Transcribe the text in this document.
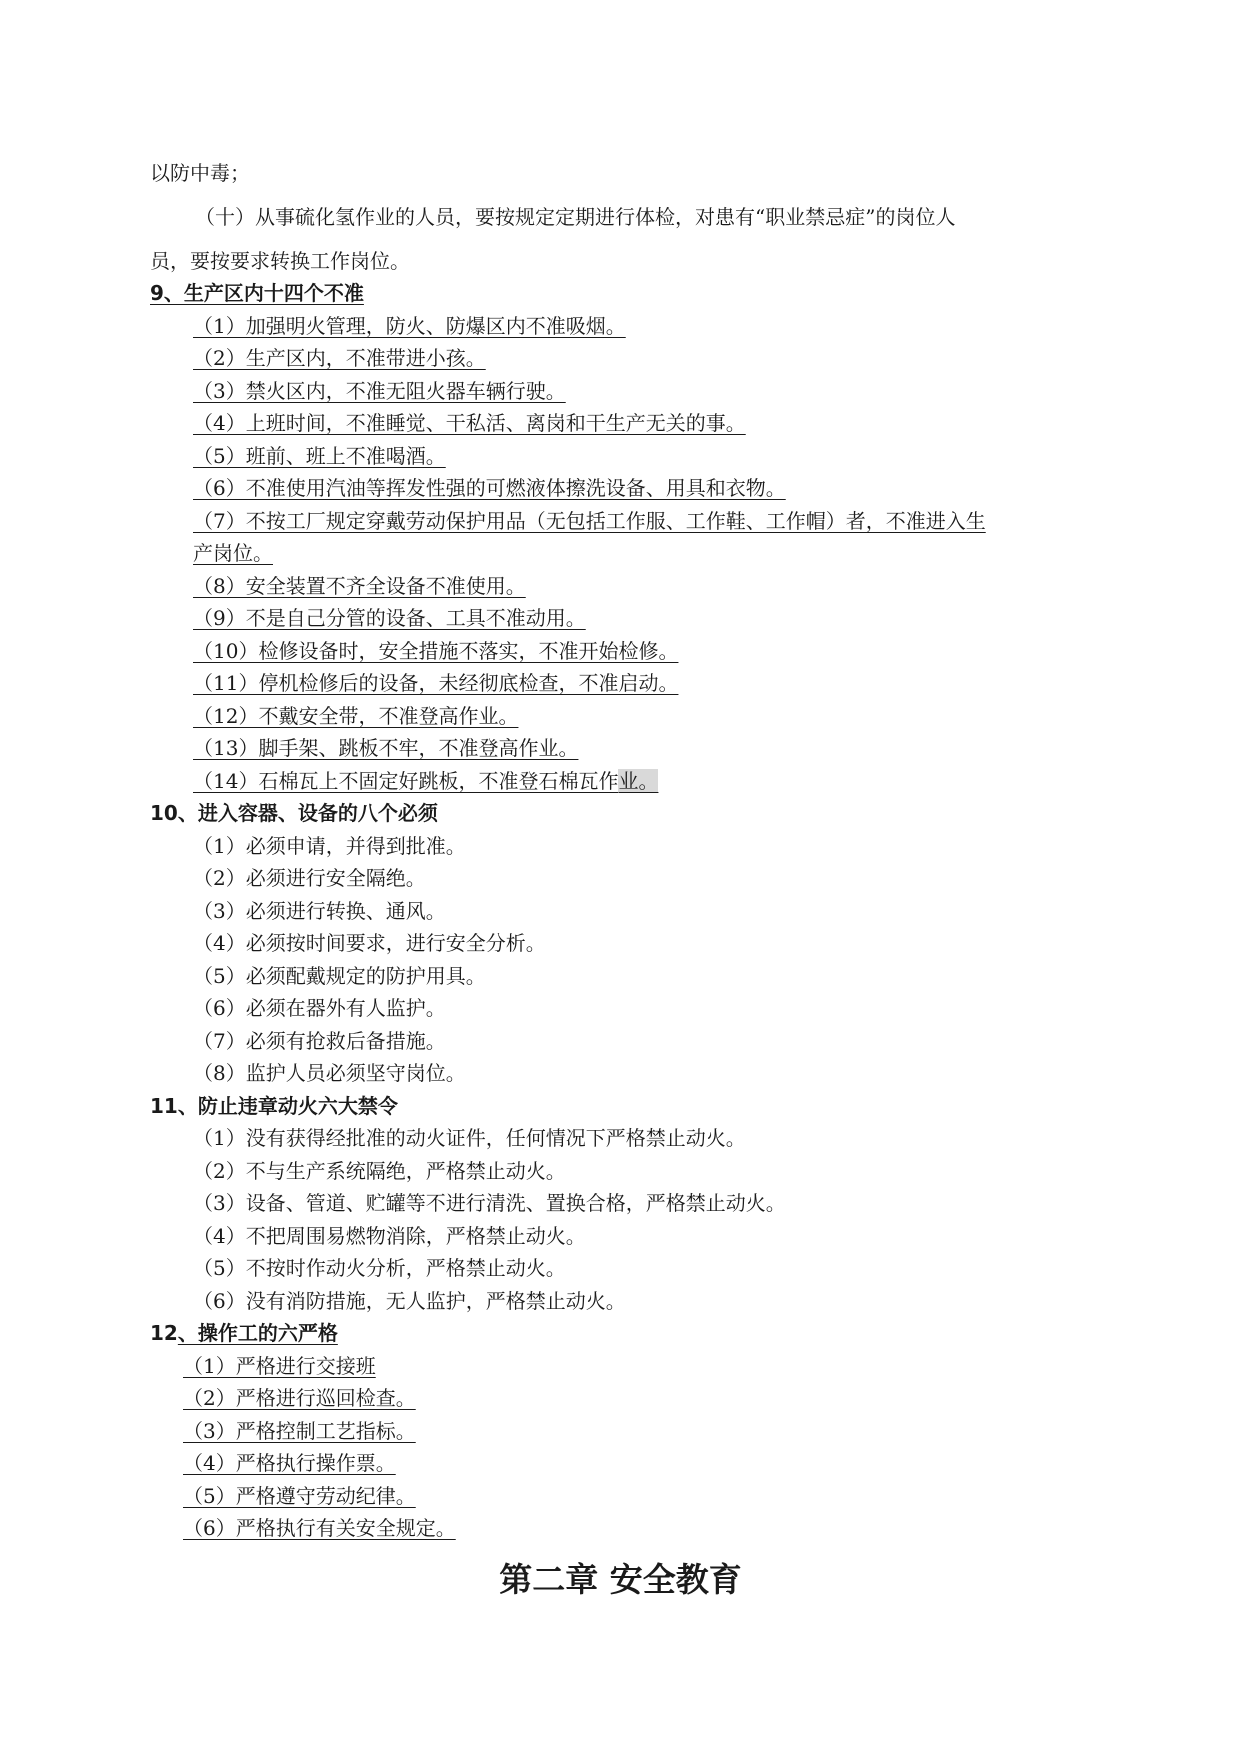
以防中毒；
（十）从事硫化氢作业的人员，要按规定定期进行体检，对患有“职业禁忌症”的岗位人
员，要按要求转换工作岗位。
9、生产区内十四个不准
（1）加强明火管理，防火、防爆区内不准吸烟。
（2）生产区内，不准带进小孩。
（3）禁火区内，不准无阻火器车辆行驶。
（4）上班时间，不准睡觉、干私活、离岗和干生产无关的事。
（5）班前、班上不准喝酒。
（6）不准使用汽油等挥发性强的可燃液体擦洗设备、用具和衣物。
（7）不按工厂规定穿戴劳动保护用品（无包括工作服、工作鞋、工作帽）者，不准进入生
产岗位。
（8）安全装置不齐全设备不准使用。
（9）不是自己分管的设备、工具不准动用。
（10）检修设备时，安全措施不落实，不准开始检修。
（11）停机检修后的设备，未经彻底检查，不准启动。
（12）不戴安全带，不准登高作业。
（13）脚手架、跳板不牢，不准登高作业。
（14）石棉瓦上不固定好跳板，不准登石棉瓦作业。
10、进入容器、设备的八个必须
（1）必须申请，并得到批准。
（2）必须进行安全隔绝。
（3）必须进行转换、通风。
（4）必须按时间要求，进行安全分析。
（5）必须配戴规定的防护用具。
（6）必须在器外有人监护。
（7）必须有抢救后备措施。
（8）监护人员必须坚守岗位。
11、防止违章动火六大禁令
（1）没有获得经批准的动火证件，任何情况下严格禁止动火。
（2）不与生产系统隔绝，严格禁止动火。
（3）设备、管道、贮罐等不进行清洗、置换合格，严格禁止动火。
（4）不把周围易燃物消除，严格禁止动火。
（5）不按时作动火分析，严格禁止动火。
（6）没有消防措施，无人监护，严格禁止动火。
12、操作工的六严格
（1）严格进行交接班
（2）严格进行巡回检查。
（3）严格控制工艺指标。
（4）严格执行操作票。
（5）严格遵守劳动纪律。
（6）严格执行有关安全规定。
第二章 安全教育
